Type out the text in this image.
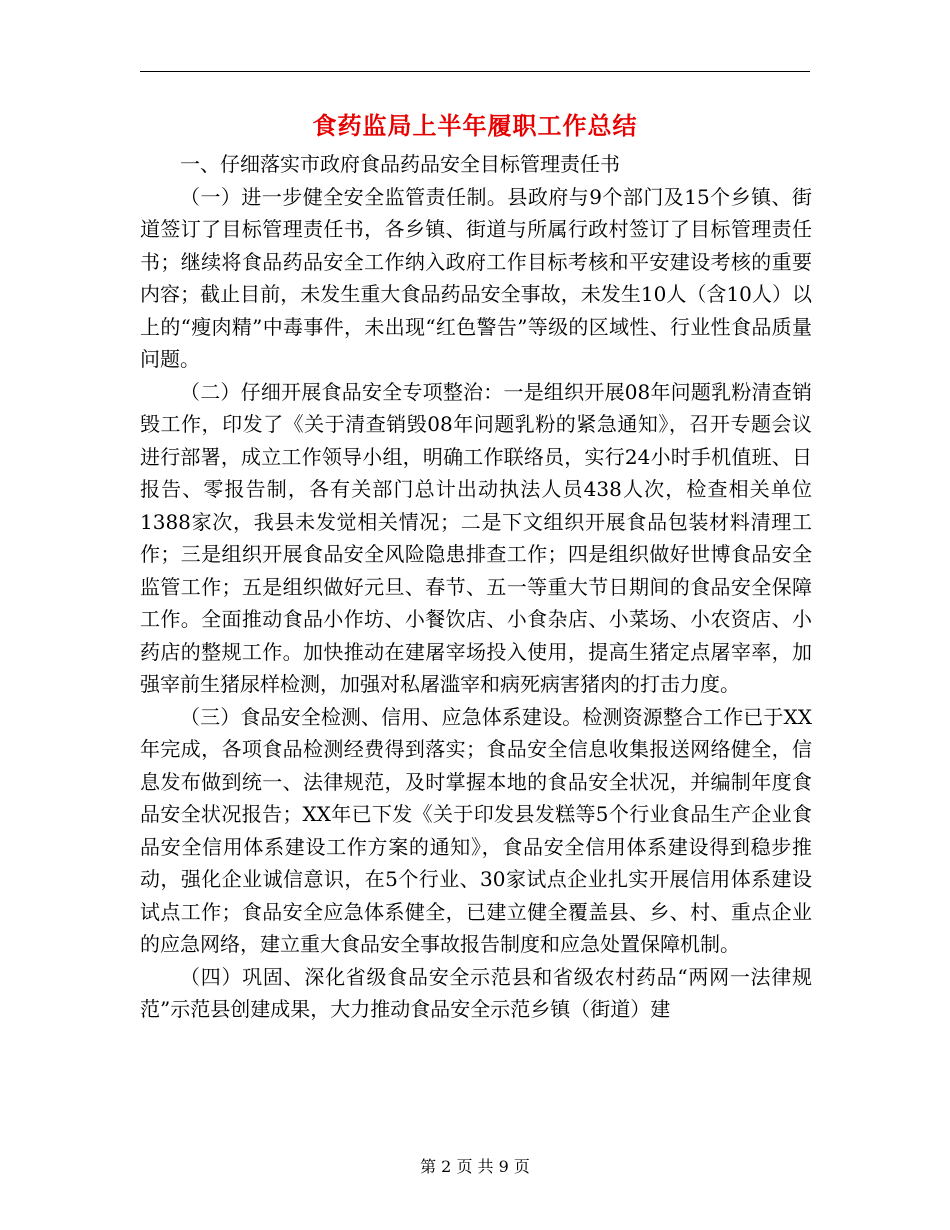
食药监局上半年履职工作总结

一、仔细落实市政府食品药品安全目标管理责任书

（一）进一步健全安全监管责任制。县政府与9个部门及15个乡镇、街道签订了目标管理责任书，各乡镇、街道与所属行政村签订了目标管理责任书；继续将食品药品安全工作纳入政府工作目标考核和平安建设考核的重要内容；截止目前，未发生重大食品药品安全事故，未发生10人（含10人）以上的“瘦肉精”中毒事件，未出现“红色警告”等级的区域性、行业性食品质量问题。

（二）仔细开展食品安全专项整治：一是组织开展08年问题乳粉清查销毁工作，印发了《关于清查销毁08年问题乳粉的紧急通知》，召开专题会议进行部署，成立工作领导小组，明确工作联络员，实行24小时手机值班、日报告、零报告制，各有关部门总计出动执法人员438人次，检查相关单位1388家次，我县未发觉相关情况；二是下文组织开展食品包装材料清理工作；三是组织开展食品安全风险隐患排查工作；四是组织做好世博食品安全监管工作；五是组织做好元旦、春节、五一等重大节日期间的食品安全保障工作。全面推动食品小作坊、小餐饮店、小食杂店、小菜场、小农资店、小药店的整规工作。加快推动在建屠宰场投入使用，提高生猪定点屠宰率，加强宰前生猪尿样检测，加强对私屠滥宰和病死病害猪肉的打击力度。

（三）食品安全检测、信用、应急体系建设。检测资源整合工作已于XX年完成，各项食品检测经费得到落实；食品安全信息收集报送网络健全，信息发布做到统一、法律规范，及时掌握本地的食品安全状况，并编制年度食品安全状况报告；XX年已下发《关于印发县发糕等5个行业食品生产企业食品安全信用体系建设工作方案的通知》，食品安全信用体系建设得到稳步推动，强化企业诚信意识，在5个行业、30家试点企业扎实开展信用体系建设试点工作；食品安全应急体系健全，已建立健全覆盖县、乡、村、重点企业的应急网络，建立重大食品安全事故报告制度和应急处置保障机制。

（四）巩固、深化省级食品安全示范县和省级农村药品“两网一法律规范”示范县创建成果，大力推动食品安全示范乡镇（街道）建

第 2 页 共 9 页
